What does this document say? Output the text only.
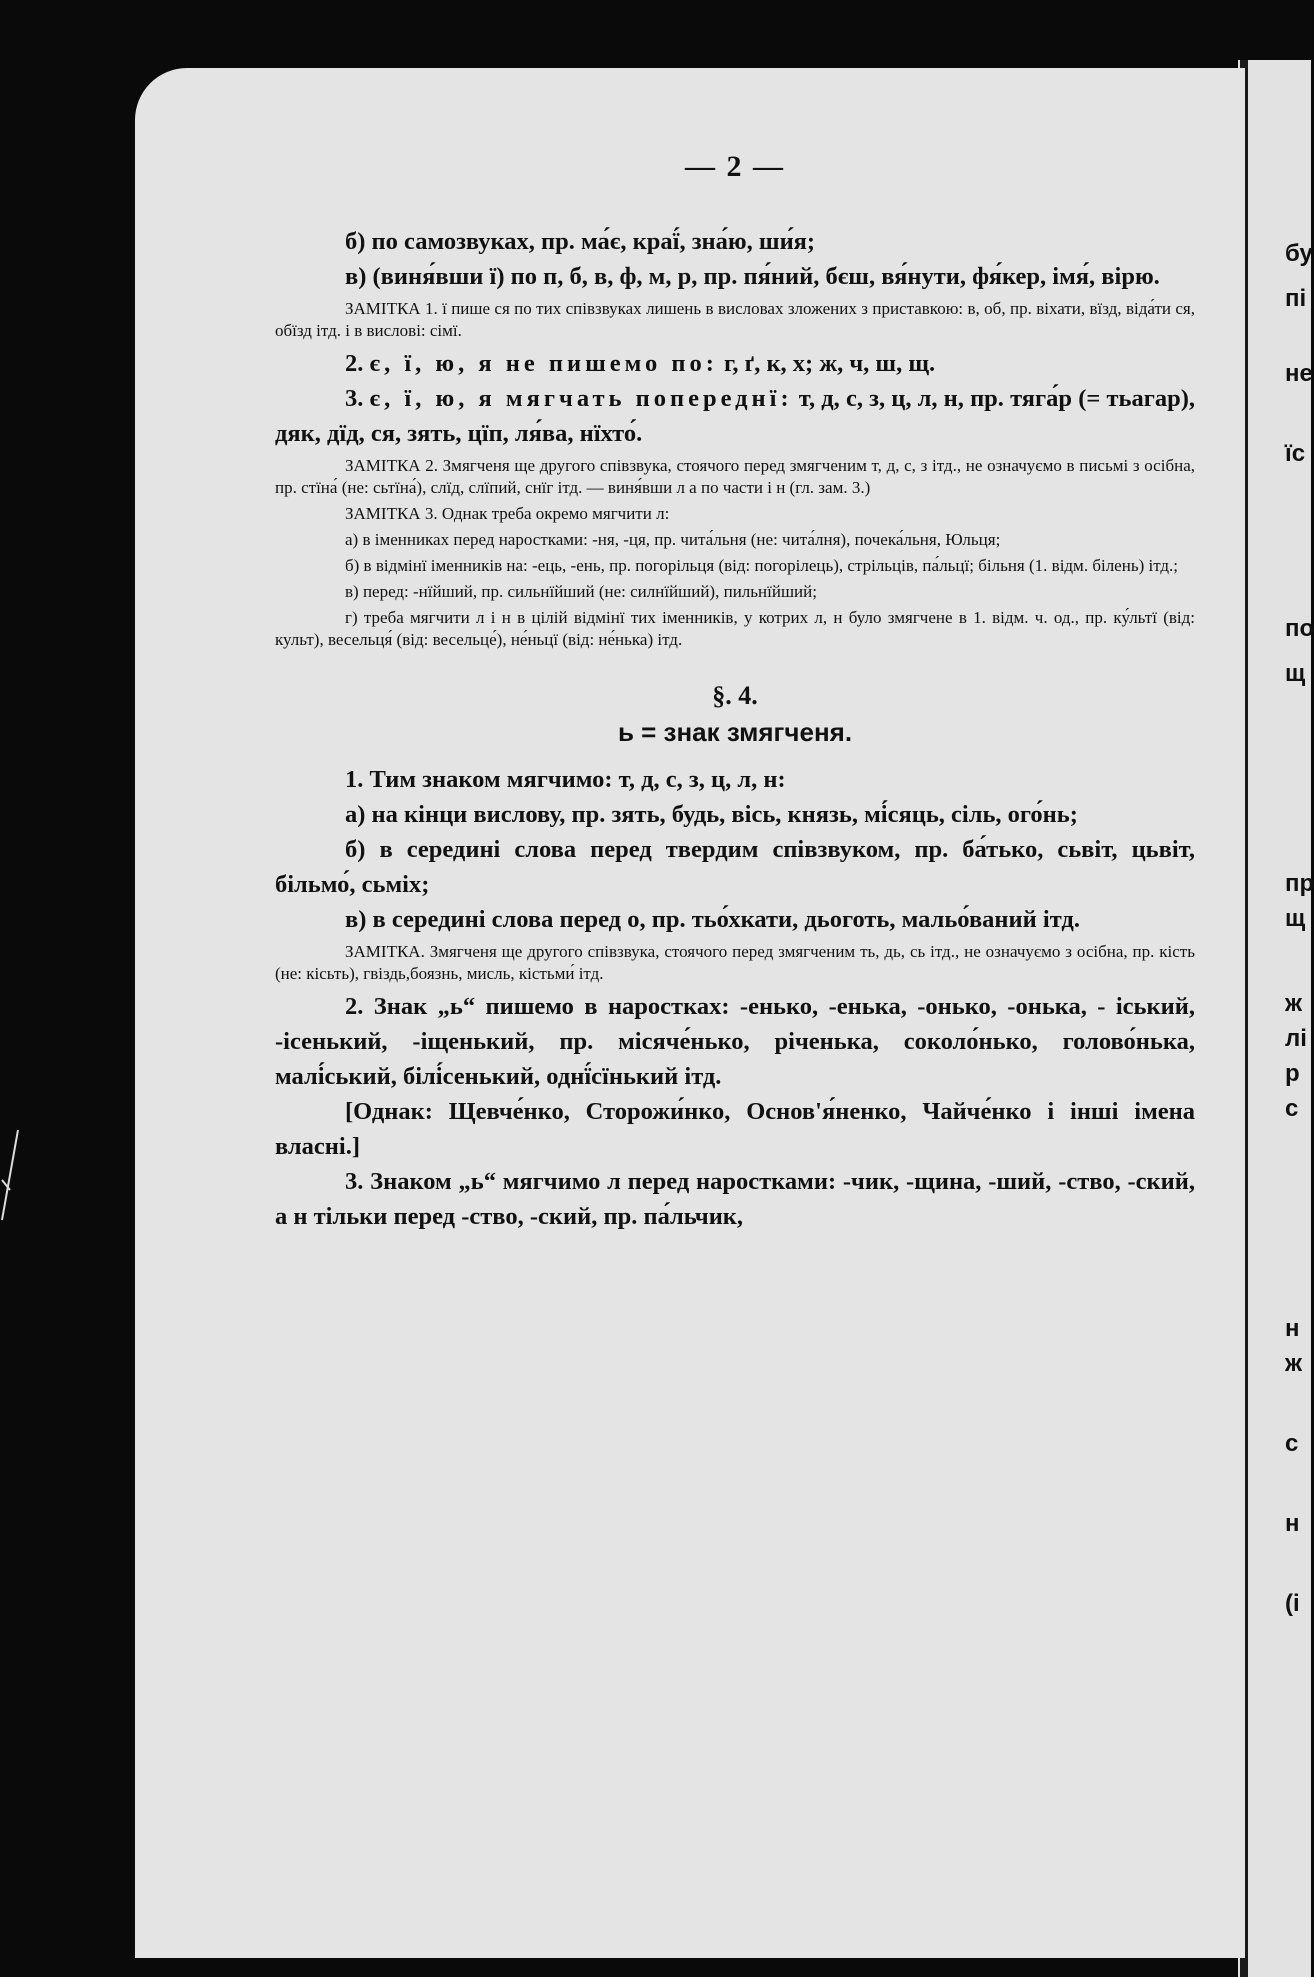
бу
пі
не
їс
по
щ
пр
щ
ж
лі
р
с
н
ж
с
н
(і
— 2 —

б) по самозвуках, пр. ма́є, краї́, зна́ю, ши́я;

в) (виня́вши ї) по п, б, в, ф, м, р, пр. пя́ний, бєш, вя́нути, фя́кер, імя́, вірю.

ЗАМІТКА 1. ї пише ся по тих співзвуках лишень в висловах зложених з приставкою: в, об, пр. віхати, вїзд, віда́ти ся, обїзд ітд. і в вислові: сімї.

2. є, ї, ю, я не пишемо по: г, ґ, к, х; ж, ч, ш, щ.

3. є, ї, ю, я мягчать попереднї: т, д, с, з, ц, л, н, пр. тяга́р (= тьагар), дяк, дїд, ся, зять, цїп, ля́ва, нїхто́.

ЗАМІТКА 2. Змягченя ще другого співзвука, стоячого перед змягченим т, д, с, з ітд., не означуємо в письмі з осібна, пр. стїна́ (не: сьтїна́), слїд, слїпий, снїг ітд. — виня́вши л а по части і н (гл. зам. 3.)

ЗАМІТКА 3. Однак треба окремо мягчити л:

а) в іменниках перед наростками: -ня, -ця, пр. чита́льня (не: чита́лня), почека́льня, Юльця;

б) в відмінї іменників на: -ець, -ень, пр. погорільця (від: погорілець), стрільців, па́льцї; більня (1. відм. білень) ітд.;

в) перед: -нїйший, пр. сильнїйший (не: силнїйший), пильнїйший;

г) треба мягчити л і н в цілій відмінї тих іменників, у котрих л, н було змягчене в 1. відм. ч. од., пр. ку́льтї (від: культ), весельця́ (від: весельце́), не́ньцї (від: не́нька) ітд.

§. 4.
ь = знак змягченя.

1. Тим знаком мягчимо: т, д, с, з, ц, л, н:

а) на кінци вислову, пр. зять, будь, вісь, князь, мі́сяць, сіль, ого́нь;

б) в середині слова перед твердим співзвуком, пр. ба́тько, сьвіт, цьвіт, більмо́, сьміх;

в) в середині слова перед о, пр. тьо́хкати, дьоготь, мальо́ваний ітд.

ЗАМІТКА. Змягченя ще другого співзвука, стоячого перед змягченим ть, дь, сь ітд., не означуємо з осібна, пр. кість (не: кісьть), гвіздь,боязнь, мисль, кістьми́ ітд.

2. Знак „ь“ пишемо в наростках: -енько, -енька, -онько, -онька, - іський, -ісенький, -іщенький, пр. місяче́нько, річенька, соколо́нько, голово́нька, малі́ський, білі́сенький, однї́сїнький ітд.

[Однак: Щевче́нко, Сторожи́нко, Основ'я́ненко, Чайче́нко і інші імена власні.]

3. Знаком „ь“ мягчимо л перед наростками: -чик, -щина, -ший, -ство, -ский, а н тільки перед -ство, -ский, пр. па́льчик,
